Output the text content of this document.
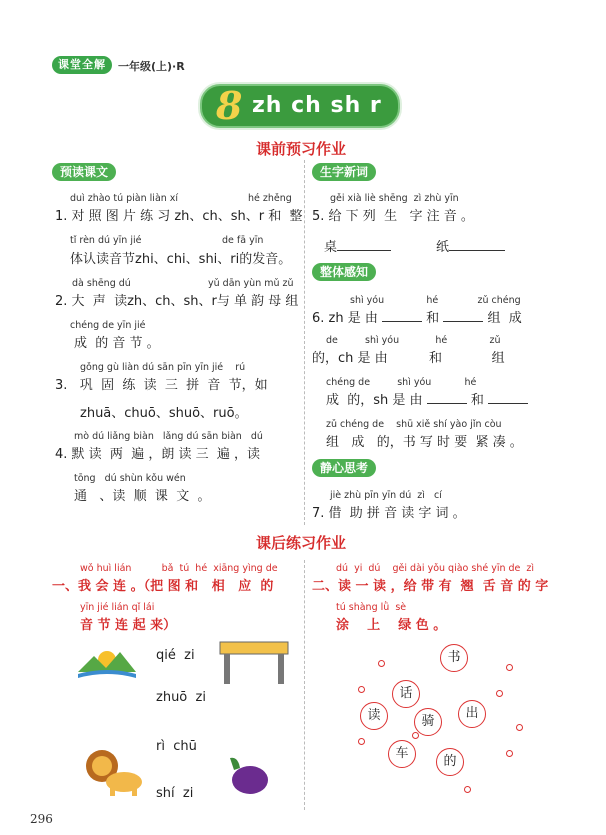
课堂全解	一年级(上)·R
8 zh ch sh r
课前预习作业
预读课文
duì zhào tú piàn liàn xí	hé zhěng
1. 对 照 图 片 练 习 zh、ch、sh、r 和  整
tǐ rèn dú yīn jié	de fā yīn
体认读音节zhi、chi、shi、ri的发音。
dà shēng dú	yǔ dān yùn mǔ zǔ
2. 大  声  读zh、ch、sh、r与 单 韵 母 组
chéng de yīn jié
成  的 音 节 。
gǒng gù liàn dú sān pīn yīn jié    rú
3.   巩  固  练  读  三  拼  音  节，如
zhuā、chuō、shuō、ruō。
mò dú liǎng biàn   lǎng dú sān biàn   dú
4. 默 读  两  遍 ，朗 读 三  遍 ，读
tōng   dú shùn kǒu wén
通   、读  顺  课  文  。
生字新词
gěi xià liè shēng  zì zhù yīn
5. 给 下 列  生   字 注 音 。
桌	纸
整体感知
shì yóu              hé             zǔ chéng
6. zh 是 由	和	组  成
de         shì yóu            hé              zǔ
的，ch 是 由          和            组
chéng de         shì yóu           hé
成  的，sh 是 由	和
zǔ chéng de    shū xiě shí yào jǐn còu
组   成   的，书 写 时 要  紧 凑 。
静心思考
jiè zhù pīn yīn dú  zì   cí
7. 借  助 拼 音 读 字 词 。
课后练习作业
wǒ huì lián          bǎ  tú  hé  xiāng yìng de
一、我 会 连 。（把 图 和   相   应  的
yīn jié lián qǐ lái
音 节 连 起 来）
qié  zi
zhuō  zi
rì  chū
shí  zi
dú  yi  dú    gěi dài yǒu qiào shé yīn de  zì
二、读 一 读 ，给 带 有  翘  舌 音 的 字
tú shàng lǜ  sè
涂    上    绿 色 。
书
话
读	骑
出
车
的
296
